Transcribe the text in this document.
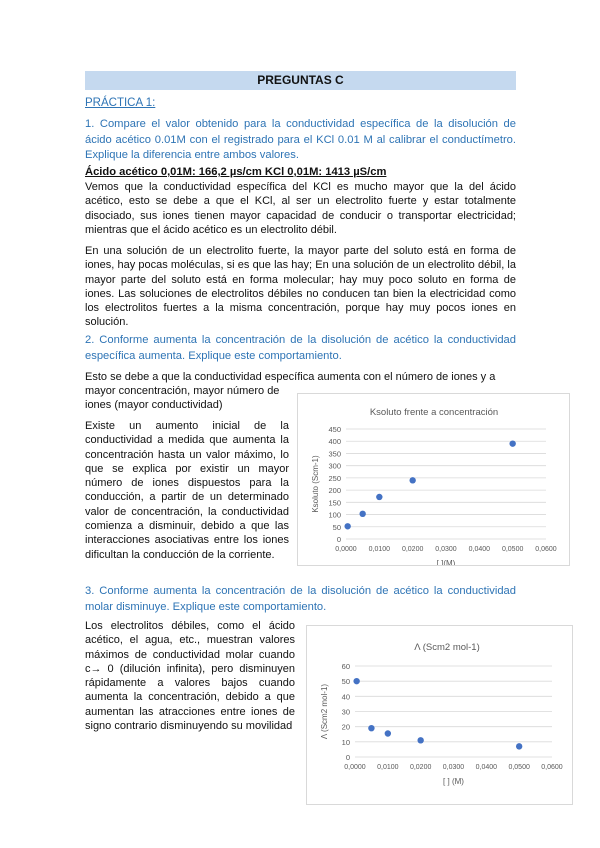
PREGUNTAS C
PRÁCTICA 1:
1. Compare el valor obtenido para la conductividad específica de la disolución de ácido acético 0.01M con el registrado para el KCl 0.01 M al calibrar el conductímetro. Explique la diferencia entre ambos valores.
Ácido acético 0,01M: 166,2 µs/cm KCl 0,01M: 1413 µS/cm
Vemos que la conductividad específica del KCl es mucho mayor que la del ácido acético, esto se debe a que el KCl, al ser un electrolito fuerte y estar totalmente disociado, sus iones tienen mayor capacidad de conducir o transportar electricidad; mientras que el ácido acético es un electrolito débil.
En una solución de un electrolito fuerte, la mayor parte del soluto está en forma de iones, hay pocas moléculas, si es que las hay; En una solución de un electrolito débil, la mayor parte del soluto está en forma molecular; hay muy poco soluto en forma de iones. Las soluciones de electrolitos débiles no conducen tan bien la electricidad como los electrolitos fuertes a la misma concentración, porque hay muy pocos iones en solución.
2. Conforme aumenta la concentración de la disolución de acético la conductividad específica aumenta. Explique este comportamiento.
Esto se debe a que la conductividad específica aumenta con el número de iones y a
mayor concentración, mayor número de
iones (mayor conductividad)
Existe un aumento inicial de la conductividad a medida que aumenta la concentración hasta un valor máximo, lo que se explica por existir un mayor número de iones dispuestos para la conducción, a partir de un determinado valor de concentración, la conductividad comienza a disminuir, debido a que las interacciones asociativas entre los iones dificultan la conducción de la corriente.
Ksoluto frente a concentración
0
50
100
150
200
250
300
350
400
450
0,0000 0,0100 0,0200 0,0300 0,0400 0,0500 0,0600
[ ](M)
Ksoluto (Scm-1)
3. Conforme aumenta la concentración de la disolución de acético la conductividad molar disminuye. Explique este comportamiento.
Los electrolitos débiles, como el ácido acético, el agua, etc., muestran valores máximos de conductividad molar cuando c→ 0 (dilución infinita), pero disminuyen rápidamente a valores bajos cuando aumenta la concentración, debido a que aumentan las atracciones entre iones de signo contrario disminuyendo su movilidad
Λ (Scm2 mol-1)
0
10
20
30
40
50
60
0,0000 0,0100 0,0200 0,0300 0,0400 0,0500 0,0600
[ ] (M)
Λ (Scm2 mol-1)
